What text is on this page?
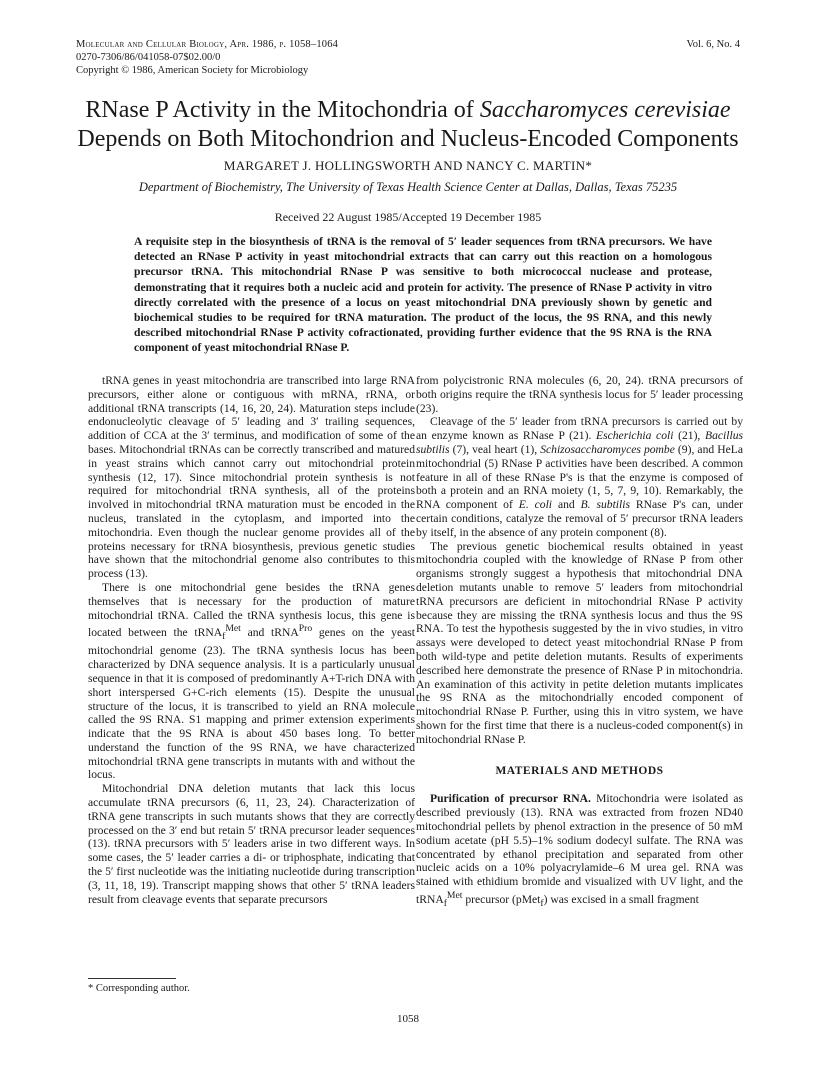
Molecular and Cellular Biology, Apr. 1986, p. 1058–1064
0270-7306/86/041058-07$02.00/0
Copyright © 1986, American Society for Microbiology
Vol. 6, No. 4
RNase P Activity in the Mitochondria of Saccharomyces cerevisiae
Depends on Both Mitochondrion and Nucleus-Encoded Components
MARGARET J. HOLLINGSWORTH AND NANCY C. MARTIN*
Department of Biochemistry, The University of Texas Health Science Center at Dallas, Dallas, Texas 75235
Received 22 August 1985/Accepted 19 December 1985

A requisite step in the biosynthesis of tRNA is the removal of 5′ leader sequences from tRNA precursors. We have detected an RNase P activity in yeast mitochondrial extracts that can carry out this reaction on a homologous precursor tRNA. This mitochondrial RNase P was sensitive to both micrococcal nuclease and protease, demonstrating that it requires both a nucleic acid and protein for activity. The presence of RNase P activity in vitro directly correlated with the presence of a locus on yeast mitochondrial DNA previously shown by genetic and biochemical studies to be required for tRNA maturation. The product of the locus, the 9S RNA, and this newly described mitochondrial RNase P activity cofractionated, providing further evidence that the 9S RNA is the RNA component of yeast mitochondrial RNase P.

tRNA genes in yeast mitochondria are transcribed into large RNA precursors, either alone or contiguous with mRNA, rRNA, or additional tRNA transcripts (14, 16, 20, 24). Maturation steps include endonucleolytic cleavage of 5′ leading and 3′ trailing sequences, addition of CCA at the 3′ terminus, and modification of some of the bases. Mitochondrial tRNAs can be correctly transcribed and matured in yeast strains which cannot carry out mitochondrial protein synthesis (12, 17). Since mitochondrial protein synthesis is not required for mitochondrial tRNA synthesis, all of the proteins involved in mitochondrial tRNA maturation must be encoded in the nucleus, translated in the cytoplasm, and imported into the mitochondria. Even though the nuclear genome provides all of the proteins necessary for tRNA biosynthesis, previous genetic studies have shown that the mitochondrial genome also contributes to this process (13).

There is one mitochondrial gene besides the tRNA genes themselves that is necessary for the production of mature mitochondrial tRNA. Called the tRNA synthesis locus, this gene is located between the tRNA$_f^{Met}$ and tRNA$^{Pro}$ genes on the yeast mitochondrial genome (23). The tRNA synthesis locus has been characterized by DNA sequence analysis. It is a particularly unusual sequence in that it is composed of predominantly A+T-rich DNA with short interspersed G+C-rich elements (15). Despite the unusual structure of the locus, it is transcribed to yield an RNA molecule called the 9S RNA. S1 mapping and primer extension experiments indicate that the 9S RNA is about 450 bases long. To better understand the function of the 9S RNA, we have characterized mitochondrial tRNA gene transcripts in mutants with and without the locus.

Mitochondrial DNA deletion mutants that lack this locus accumulate tRNA precursors (6, 11, 23, 24). Characterization of tRNA gene transcripts in such mutants shows that they are correctly processed on the 3′ end but retain 5′ tRNA precursor leader sequences (13). tRNA precursors with 5′ leaders arise in two different ways. In some cases, the 5′ leader carries a di- or triphosphate, indicating that the 5′ first nucleotide was the initiating nucleotide during transcription (3, 11, 18, 19). Transcript mapping shows that other 5′ tRNA leaders result from cleavage events that separate precursors

from polycistronic RNA molecules (6, 20, 24). tRNA precursors of both origins require the tRNA synthesis locus for 5′ leader processing (23).

Cleavage of the 5′ leader from tRNA precursors is carried out by an enzyme known as RNase P (21). Escherichia coli (21), Bacillus subtilis (7), veal heart (1), Schizosaccharomyces pombe (9), and HeLa mitochondrial (5) RNase P activities have been described. A common feature in all of these RNase P's is that the enzyme is composed of both a protein and an RNA moiety (1, 5, 7, 9, 10). Remarkably, the RNA component of E. coli and B. subtilis RNase P's can, under certain conditions, catalyze the removal of 5′ precursor tRNA leaders by itself, in the absence of any protein component (8).

The previous genetic biochemical results obtained in yeast mitochondria coupled with the knowledge of RNase P from other organisms strongly suggest a hypothesis that mitochondrial DNA deletion mutants unable to remove 5′ leaders from mitochondrial tRNA precursors are deficient in mitochondrial RNase P activity because they are missing the tRNA synthesis locus and thus the 9S RNA. To test the hypothesis suggested by the in vivo studies, in vitro assays were developed to detect yeast mitochondrial RNase P from both wild-type and petite deletion mutants. Results of experiments described here demonstrate the presence of RNase P in mitochondria. An examination of this activity in petite deletion mutants implicates the 9S RNA as the mitochondrially encoded component of mitochondrial RNase P. Further, using this in vitro system, we have shown for the first time that there is a nucleus-coded component(s) in mitochondrial RNase P.

MATERIALS AND METHODS

Purification of precursor RNA. Mitochondria were isolated as described previously (13). RNA was extracted from frozen ND40 mitochondrial pellets by phenol extraction in the presence of 50 mM sodium acetate (pH 5.5)–1% sodium dodecyl sulfate. The RNA was concentrated by ethanol precipitation and separated from other nucleic acids on a 10% polyacrylamide–6 M urea gel. RNA was stained with ethidium bromide and visualized with UV light, and the tRNA$_f^{Met}$ precursor (pMet$_f$) was excised in a small fragment

* Corresponding author.
1058
